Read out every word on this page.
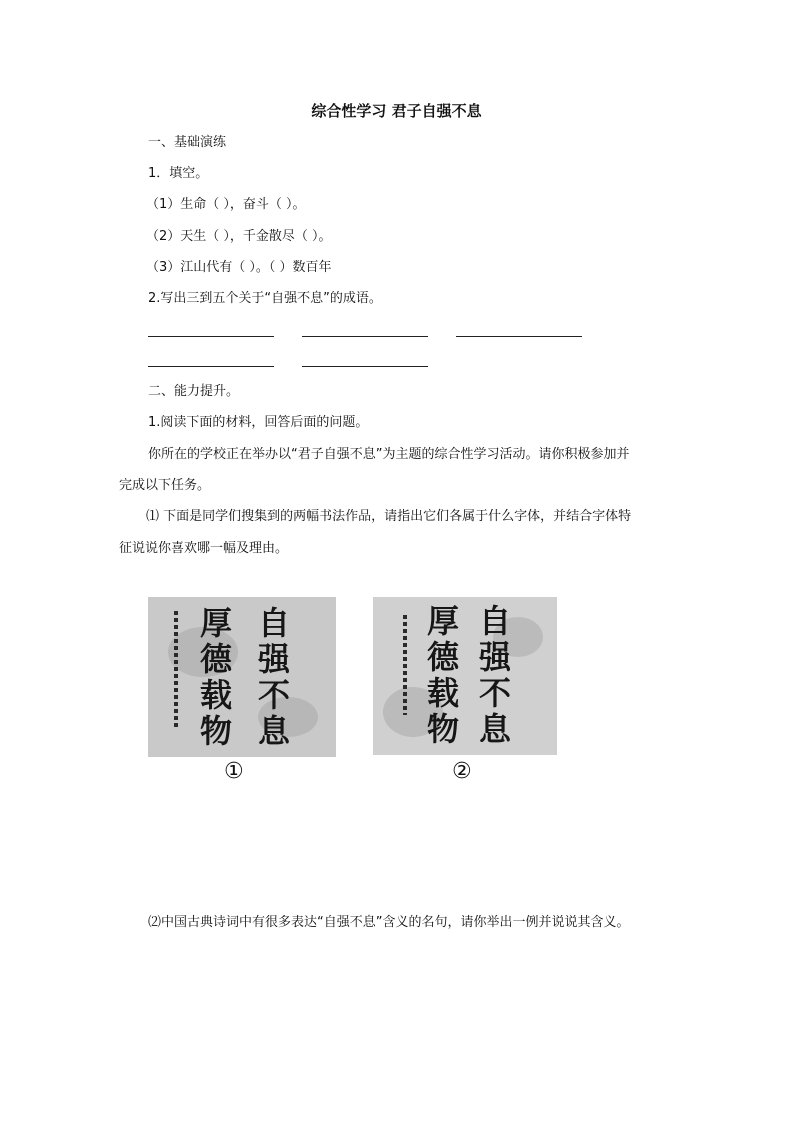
综合性学习 君子自强不息
一、基础演练
1．填空。
（1）生命（ ），奋斗（ ）。
（2）天生（ ），千金散尽（ ）。
（3）江山代有（ ）。（ ）数百年
2.写出三到五个关于“自强不息”的成语。
二、能力提升。
1.阅读下面的材料，回答后面的问题。
你所在的学校正在举办以“君子自强不息”为主题的综合性学习活动。请你积极参加并
完成以下任务。
⑴ 下面是同学们搜集到的两幅书法作品，请指出它们各属于什么字体，并结合字体特
征说说你喜欢哪一幅及理由。
自强不息
厚德载物
①
自强不息
厚德载物
②
⑵中国古典诗词中有很多表达“自强不息”含义的名句，请你举出一例并说说其含义。
